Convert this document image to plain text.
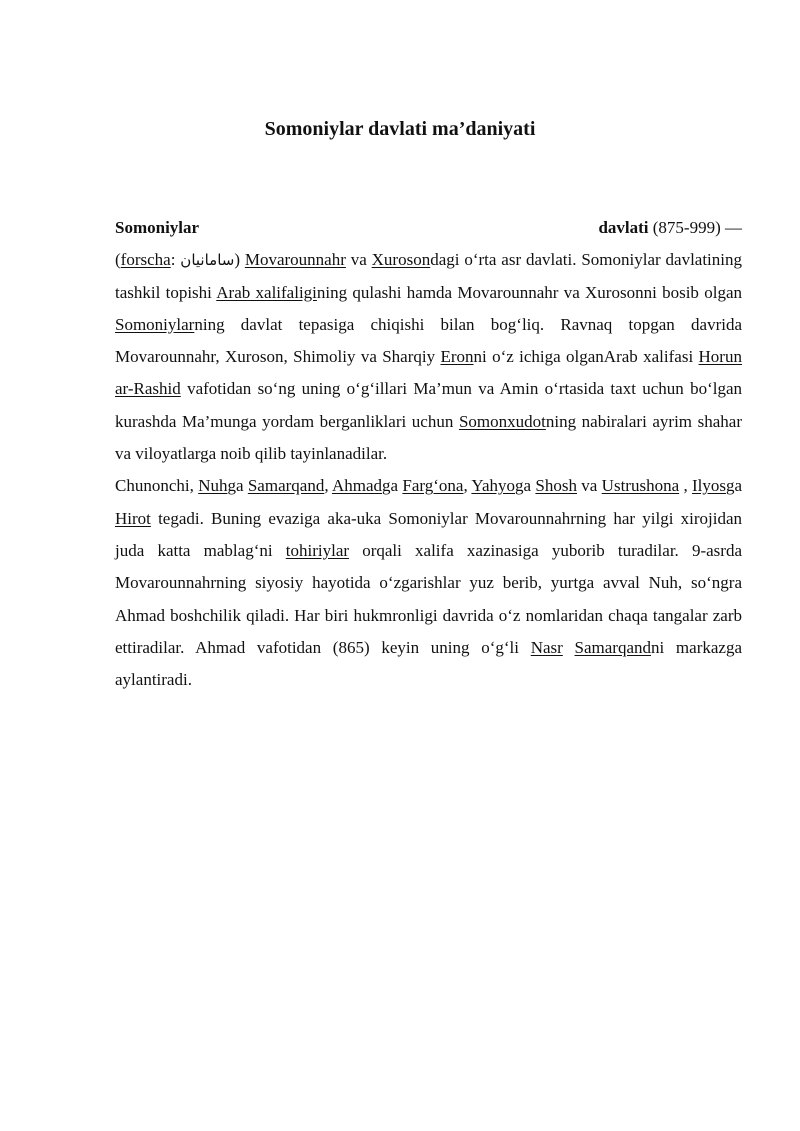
Somoniylar davlati ma’daniyati
Somoniylar	davlati (875-999) —

(forscha: سامانیان) Movarounnahr va Xurosondagi o‘rta asr davlati. Somoniylar davlatining tashkil topishi Arab xalifaligining qulashi hamda Movarounnahr va Xurosonni bosib olgan Somoniylarning davlat tepasiga chiqishi bilan bog‘liq. Ravnaq topgan davrida Movarounnahr, Xuroson, Shimoliy va Sharqiy Eronni o‘z ichiga olganArab xalifasi Horun ar-Rashid vafotidan so‘ng uning o‘g‘illari Ma’mun va Amin o‘rtasida taxt uchun bo‘lgan kurashda Ma’munga yordam berganliklari uchun Somonxudotning nabiralari ayrim shahar va viloyatlarga noib qilib tayinlanadilar.

Chunonchi, Nuhga Samarqand, Ahmadga Farg‘ona, Yahyoga Shosh va Ustrushona , Ilyosga Hirot tegadi. Buning evaziga aka-uka Somoniylar Movarounnahrning har yilgi xirojidan juda katta mablag‘ni tohiriylar orqali xalifa xazinasiga yuborib turadilar. 9-asrda Movarounnahrning siyosiy hayotida o‘zgarishlar yuz berib, yurtga avval Nuh, so‘ngra Ahmad boshchilik qiladi. Har biri hukmronligi davrida o‘z nomlaridan chaqa tangalar zarb ettiradilar. Ahmad vafotidan (865) keyin uning o‘g‘li Nasr Samarqandni markazga aylantiradi.
